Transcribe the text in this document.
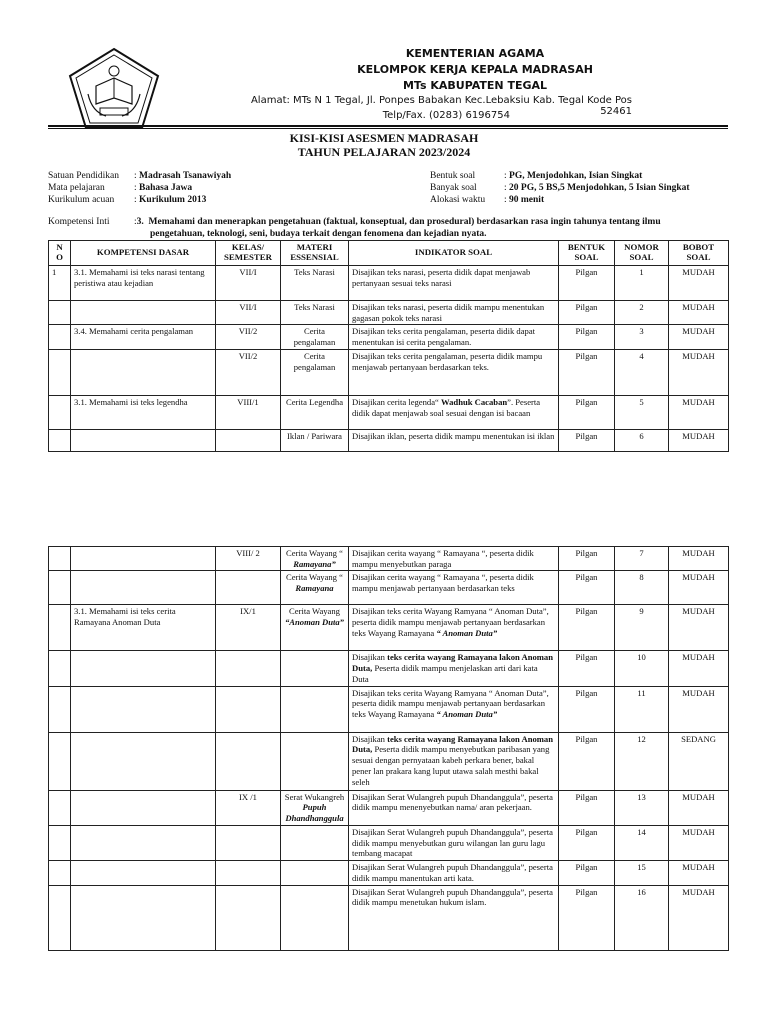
KEMENTERIAN AGAMA
KELOMPOK KERJA KEPALA MADRASAH
MTs KABUPATEN TEGAL
Alamat: MTs N 1 Tegal, Jl. Ponpes Babakan Kec.Lebaksiu Kab. Tegal Kode Pos 52461
Telp/Fax. (0283) 6196754
KISI-KISI ASESMEN MADRASAH
TAHUN PELAJARAN 2023/2024
Satuan Pendidikan : Madrasah Tsanawiyah
Mata pelajaran	: Bahasa Jawa
Kurikulum acuan : Kurikulum 2013
Bentuk soal	: PG, Menjodohkan, Isian Singkat
Banyak soal	: 20 PG, 5 BS,5 Menjodohkan, 5 Isian Singkat
Alokasi waktu : 90 menit
Kompetensi Inti	:3. Memahami dan menerapkan pengetahuan (faktual, konseptual, dan prosedural) berdasarkan rasa ingin tahunya tentang ilmu
pengetahuan, teknologi, seni, budaya terkait dengan fenomena dan kejadian nyata.
N O	KOMPETENSI DASAR	KELAS/ SEMESTER	MATERI ESSENSIAL	INDIKATOR SOAL	BENTUK SOAL	NOMOR SOAL	BOBOT SOAL
1	3.1. Memahami isi teks narasi tentang peristiwa atau kejadian	VII/I	Teks Narasi	Disajikan teks narasi, peserta didik dapat menjawab pertanyaan sesuai teks narasi	Pilgan	1	MUDAH
		VII/I	Teks Narasi	Disajikan teks narasi, peserta didik mampu menentukan gagasan pokok teks narasi	Pilgan	2	MUDAH
	3.4. Memahami cerita pengalaman	VII/2	Cerita pengalaman	Disajikan teks cerita pengalaman, peserta didik dapat menentukan isi cerita pengalaman.	Pilgan	3	MUDAH
		VII/2	Cerita pengalaman	Disajikan teks cerita pengalaman, peserta didik mampu menjawab pertanyaan berdasarkan teks.	Pilgan	4	MUDAH
	3.1. Memahami isi teks legendha	VIII/1	Cerita Legendha	Disajikan cerita legenda“ Wadhuk Cacaban”. Peserta didik dapat menjawab soal sesuai dengan isi bacaan	Pilgan	5	MUDAH
			Iklan / Pariwara	Disajikan iklan, peserta didik mampu menentukan isi iklan	Pilgan	6	MUDAH
		VIII/ 2	Cerita Wayang “
Ramayana”	Disajikan cerita wayang “ Ramayana “, peserta didik mampu menyebutkan paraga	Pilgan	7	MUDAH
			Cerita Wayang “
Ramayana	Disajikan cerita wayang “ Ramayana “, peserta didik mampu menjawab pertanyaan berdasarkan teks	Pilgan	8	MUDAH
	3.1. Memahami isi teks cerita Ramayana Anoman Duta	IX/1	Cerita Wayang
“Anoman Duta”	Disajikan teks cerita Wayang Ramyana “ Anoman Duta”, peserta didik mampu menjawab pertanyaan berdasarkan teks Wayang Ramayana “ Anoman Duta”	Pilgan	9	MUDAH
				Disajikan teks cerita wayang Ramayana lakon Anoman Duta, Peserta didik mampu menjelaskan arti dari kata Duta	Pilgan	10	MUDAH
				Disajikan teks cerita Wayang Ramyana “ Anoman Duta”, peserta didik mampu menjawab pertanyaan berdasarkan teks Wayang Ramayana “ Anoman Duta”	Pilgan	11	MUDAH
				Disajikan teks cerita wayang Ramayana lakon Anoman Duta, Peserta didik mampu menyebutkan paribasan yang sesuai dengan pernyataan kabeh perkara bener, bakal pener lan prakara kang luput utawa salah mesthi bakal seleh	Pilgan	12	SEDANG
		IX /1	Serat Wukangreh
Pupuh Dhandhanggula	Disajikan Serat Wulangreh pupuh Dhandanggula”, peserta didik mampu menenyebutkan nama/ aran pekerjaan.	Pilgan	13	MUDAH
				Disajikan Serat Wulangreh pupuh Dhandanggula”, peserta didik mampu menyebutkan guru wilangan lan guru lagu tembang macapat	Pilgan	14	MUDAH
				Disajikan Serat Wulangreh pupuh Dhandanggula”, peserta didik mampu manentukan arti kata.	Pilgan	15	MUDAH
				Disajikan Serat Wulangreh pupuh Dhandanggula”, peserta didik mampu menetukan hukum islam.	Pilgan	16	MUDAH
